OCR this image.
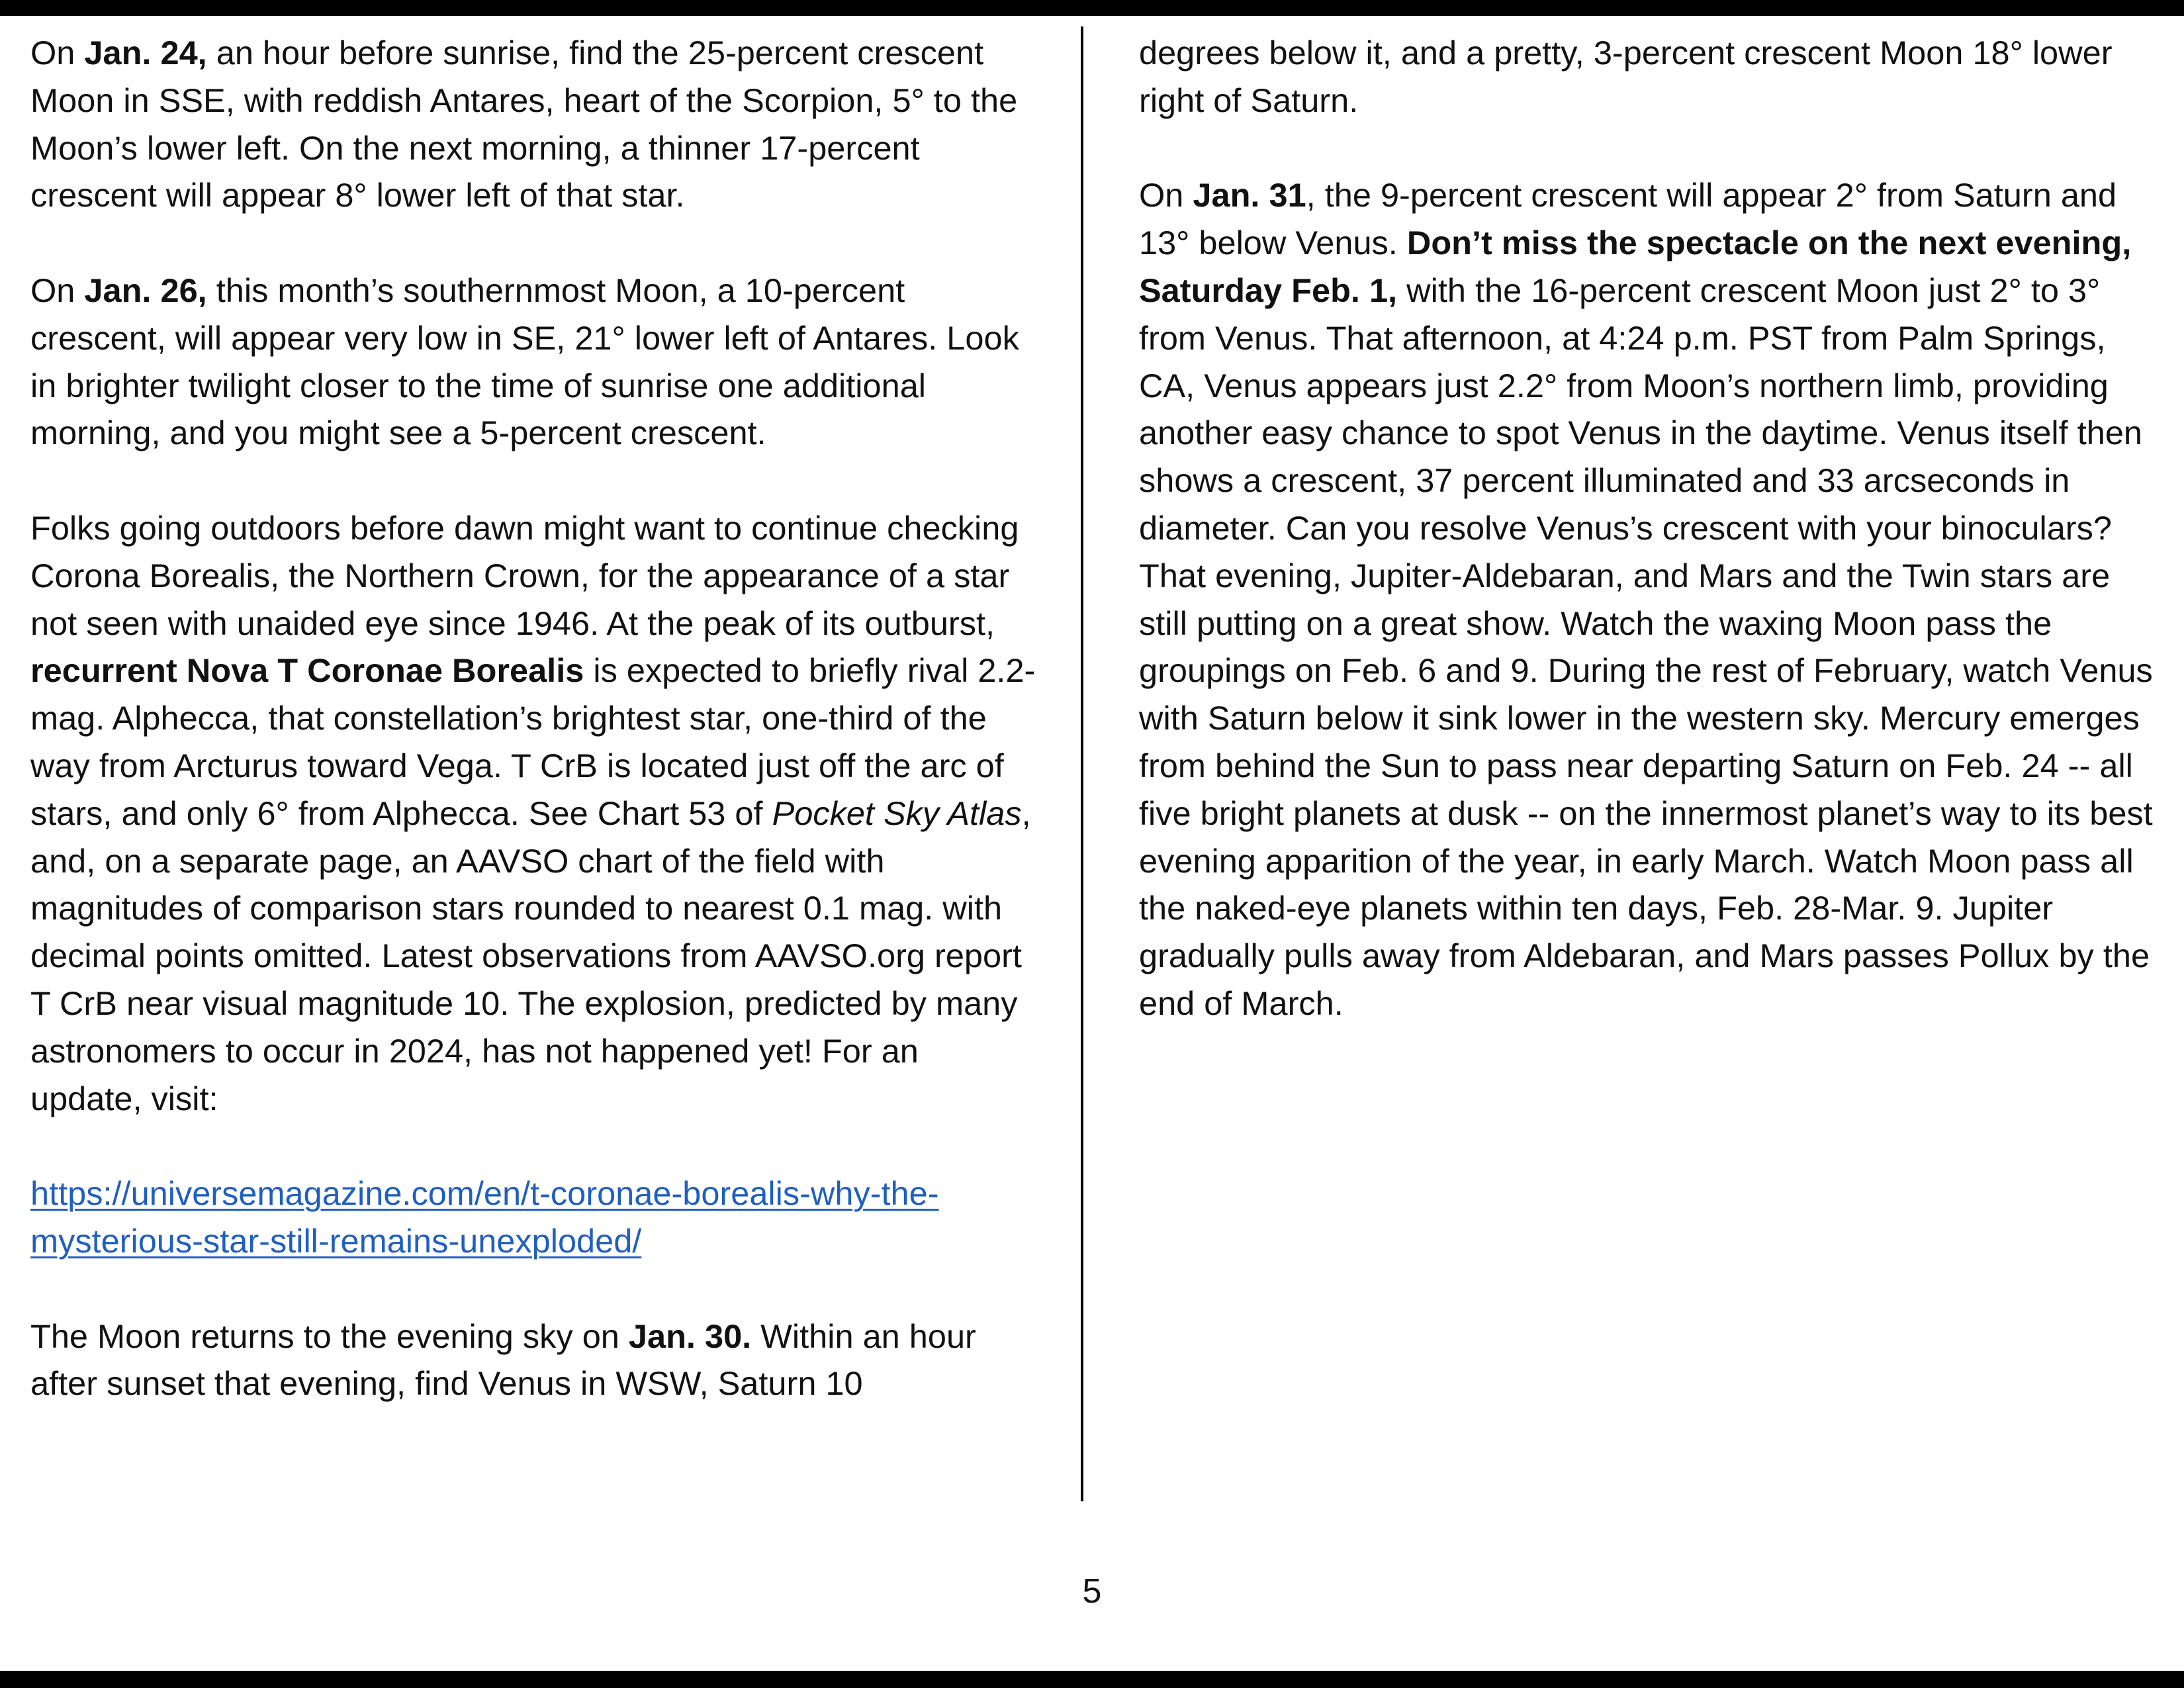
On Jan. 24, an hour before sunrise, find the 25-percent crescent Moon in SSE, with reddish Antares, heart of the Scorpion, 5° to the Moon’s lower left. On the next morning, a thinner 17-percent crescent will appear 8° lower left of that star.

On Jan. 26, this month’s southernmost Moon, a 10-percent crescent, will appear very low in SE, 21° lower left of Antares. Look in brighter twilight closer to the time of sunrise one additional morning, and you might see a 5-percent crescent.

Folks going outdoors before dawn might want to continue checking Corona Borealis, the Northern Crown, for the appearance of a star not seen with unaided eye since 1946. At the peak of its outburst, recurrent Nova T Coronae Borealis is expected to briefly rival 2.2-mag. Alphecca, that constellation’s brightest star, one-third of the way from Arcturus toward Vega. T CrB is located just off the arc of stars, and only 6° from Alphecca. See Chart 53 of Pocket Sky Atlas, and, on a separate page, an AAVSO chart of the field with magnitudes of comparison stars rounded to nearest 0.1 mag. with decimal points omitted. Latest observations from AAVSO.org report T CrB near visual magnitude 10. The explosion, predicted by many astronomers to occur in 2024, has not happened yet! For an update, visit:

https://universemagazine.com/en/t-coronae-borealis-why-the-mysterious-star-still-remains-unexploded/

The Moon returns to the evening sky on Jan. 30. Within an hour after sunset that evening, find Venus in WSW, Saturn 10

degrees below it, and a pretty, 3-percent crescent Moon 18° lower right of Saturn.

On Jan. 31, the 9-percent crescent will appear 2° from Saturn and 13° below Venus. Don’t miss the spectacle on the next evening, Saturday Feb. 1, with the 16-percent crescent Moon just 2° to 3° from Venus. That afternoon, at 4:24 p.m. PST from Palm Springs, CA, Venus appears just 2.2° from Moon’s northern limb, providing another easy chance to spot Venus in the daytime. Venus itself then shows a crescent, 37 percent illuminated and 33 arcseconds in diameter. Can you resolve Venus’s crescent with your binoculars? That evening, Jupiter-Aldebaran, and Mars and the Twin stars are still putting on a great show. Watch the waxing Moon pass the groupings on Feb. 6 and 9. During the rest of February, watch Venus with Saturn below it sink lower in the western sky. Mercury emerges from behind the Sun to pass near departing Saturn on Feb. 24 -- all five bright planets at dusk -- on the innermost planet’s way to its best evening apparition of the year, in early March. Watch Moon pass all the naked-eye planets within ten days, Feb. 28-Mar. 9. Jupiter gradually pulls away from Aldebaran, and Mars passes Pollux by the end of March.

5
